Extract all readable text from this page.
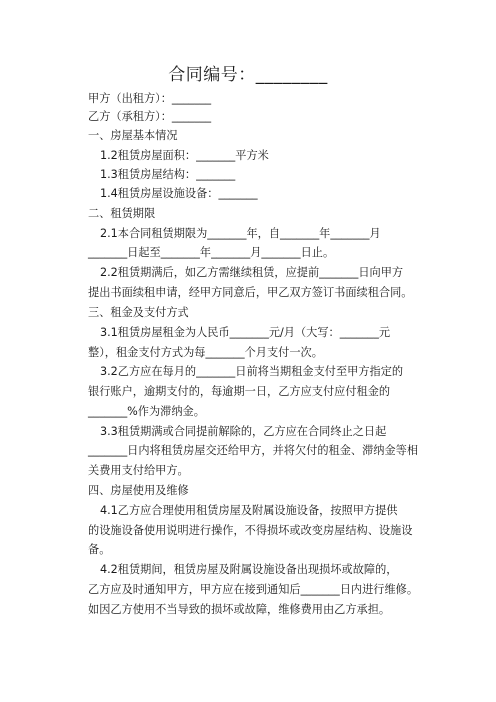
合同编号：________
甲方（出租方）：_______
乙方（承租方）：_______
一、房屋基本情况
1.2租赁房屋面积：_______平方米
1.3租赁房屋结构：_______
1.4租赁房屋设施设备：_______
二、租赁期限
2.1本合同租赁期限为_______年，自_______年_______月
_______日起至_______年_______月_______日止。
2.2租赁期满后，如乙方需继续租赁，应提前_______日向甲方
提出书面续租申请，经甲方同意后，甲乙双方签订书面续租合同。
三、租金及支付方式
3.1租赁房屋租金为人民币_______元/月（大写：_______元
整），租金支付方式为每_______个月支付一次。
3.2乙方应在每月的_______日前将当期租金支付至甲方指定的
银行账户，逾期支付的，每逾期一日，乙方应支付应付租金的
_______%作为滞纳金。
3.3租赁期满或合同提前解除的，乙方应在合同终止之日起
_______日内将租赁房屋交还给甲方，并将欠付的租金、滞纳金等相
关费用支付给甲方。
四、房屋使用及维修
4.1乙方应合理使用租赁房屋及附属设施设备，按照甲方提供
的设施设备使用说明进行操作，不得损坏或改变房屋结构、设施设
备。
4.2租赁期间，租赁房屋及附属设施设备出现损坏或故障的，
乙方应及时通知甲方，甲方应在接到通知后_______日内进行维修。
如因乙方使用不当导致的损坏或故障，维修费用由乙方承担。
